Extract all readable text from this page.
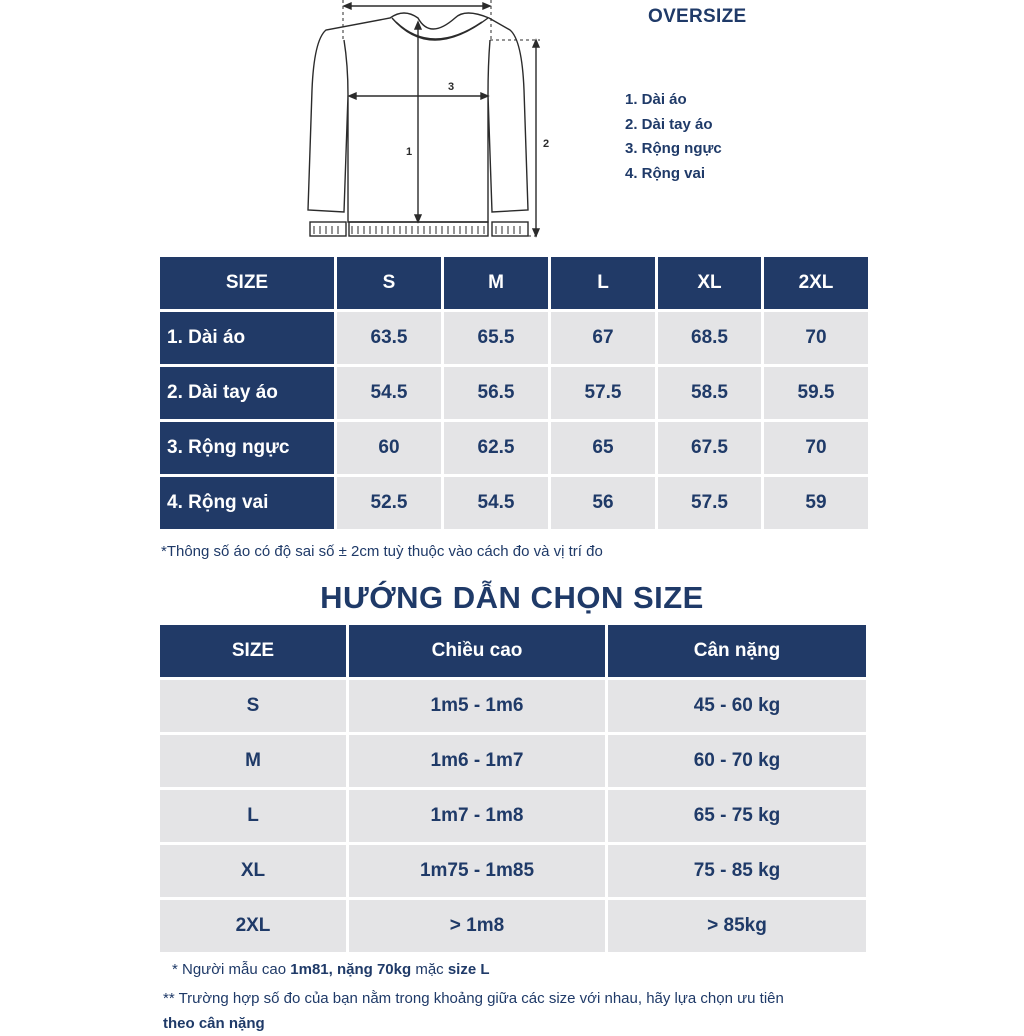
3
1
2
OVERSIZE
1. Dài áo
2. Dài tay áo
3. Rộng ngực
4. Rộng vai
SIZE	S	M	L	XL	2XL
1. Dài áo	63.5	65.5	67	68.5	70
2. Dài tay áo	54.5	56.5	57.5	58.5	59.5
3. Rộng ngực	60	62.5	65	67.5	70
4. Rộng vai	52.5	54.5	56	57.5	59
*Thông số áo có độ sai số ± 2cm tuỳ thuộc vào cách đo và vị trí đo
HƯỚNG DẪN CHỌN SIZE
SIZE	Chiều cao	Cân nặng
S	1m5 - 1m6	45 - 60 kg
M	1m6 - 1m7	60 - 70 kg
L	1m7 - 1m8	65 - 75 kg
XL	1m75 - 1m85	75 - 85 kg
2XL	> 1m8	> 85kg
* Người mẫu cao 1m81, nặng 70kg mặc size L
** Trường hợp số đo của bạn nằm trong khoảng giữa các size với nhau, hãy lựa chọn ưu tiên
theo cân nặng
